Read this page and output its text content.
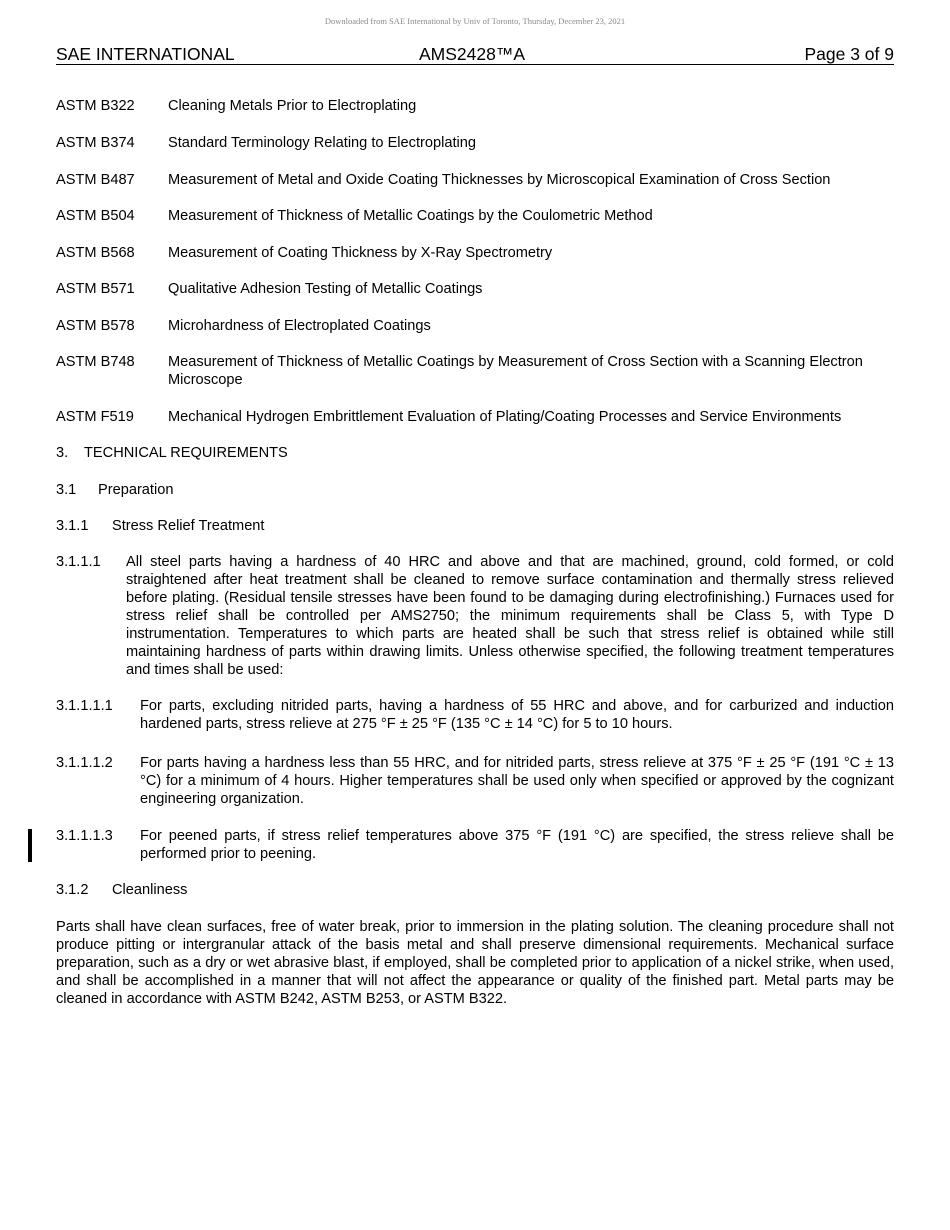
Downloaded from SAE International by Univ of Toronto, Thursday, December 23, 2021
SAE INTERNATIONAL	AMS2428™A	Page 3 of 9
ASTM B322 Cleaning Metals Prior to Electroplating
ASTM B374 Standard Terminology Relating to Electroplating
ASTM B487 Measurement of Metal and Oxide Coating Thicknesses by Microscopical Examination of Cross Section
ASTM B504 Measurement of Thickness of Metallic Coatings by the Coulometric Method
ASTM B568 Measurement of Coating Thickness by X-Ray Spectrometry
ASTM B571 Qualitative Adhesion Testing of Metallic Coatings
ASTM B578 Microhardness of Electroplated Coatings
ASTM B748 Measurement of Thickness of Metallic Coatings by Measurement of Cross Section with a Scanning Electron Microscope
ASTM F519 Mechanical Hydrogen Embrittlement Evaluation of Plating/Coating Processes and Service Environments
3. TECHNICAL REQUIREMENTS
3.1 Preparation
3.1.1 Stress Relief Treatment
3.1.1.1 All steel parts having a hardness of 40 HRC and above and that are machined, ground, cold formed, or cold straightened after heat treatment shall be cleaned to remove surface contamination and thermally stress relieved before plating. (Residual tensile stresses have been found to be damaging during electrofinishing.) Furnaces used for stress relief shall be controlled per AMS2750; the minimum requirements shall be Class 5, with Type D instrumentation. Temperatures to which parts are heated shall be such that stress relief is obtained while still maintaining hardness of parts within drawing limits. Unless otherwise specified, the following treatment temperatures and times shall be used:
3.1.1.1.1 For parts, excluding nitrided parts, having a hardness of 55 HRC and above, and for carburized and induction hardened parts, stress relieve at 275 °F ± 25 °F (135 °C ± 14 °C) for 5 to 10 hours.
3.1.1.1.2 For parts having a hardness less than 55 HRC, and for nitrided parts, stress relieve at 375 °F ± 25 °F (191 °C ± 13 °C) for a minimum of 4 hours. Higher temperatures shall be used only when specified or approved by the cognizant engineering organization.
3.1.1.1.3 For peened parts, if stress relief temperatures above 375 °F (191 °C) are specified, the stress relieve shall be performed prior to peening.
3.1.2 Cleanliness
Parts shall have clean surfaces, free of water break, prior to immersion in the plating solution. The cleaning procedure shall not produce pitting or intergranular attack of the basis metal and shall preserve dimensional requirements. Mechanical surface preparation, such as a dry or wet abrasive blast, if employed, shall be completed prior to application of a nickel strike, when used, and shall be accomplished in a manner that will not affect the appearance or quality of the finished part. Metal parts may be cleaned in accordance with ASTM B242, ASTM B253, or ASTM B322.
